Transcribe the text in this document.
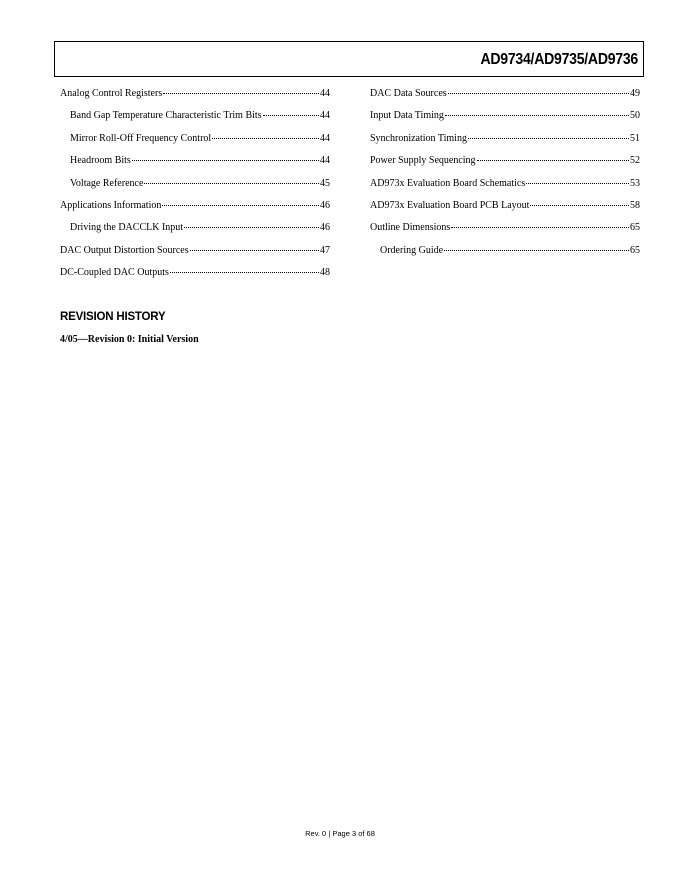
AD9734/AD9735/AD9736
Analog Control Registers	44
Band Gap Temperature Characteristic Trim Bits	44
Mirror Roll-Off Frequency Control	44
Headroom Bits	44
Voltage Reference	45
Applications Information	46
Driving the DACCLK Input	46
DAC Output Distortion Sources	47
DC-Coupled DAC Outputs	48
DAC Data Sources	49
Input Data Timing	50
Synchronization Timing	51
Power Supply Sequencing	52
AD973x Evaluation Board Schematics	53
AD973x Evaluation Board PCB Layout	58
Outline Dimensions	65
Ordering Guide	65
REVISION HISTORY
4/05—Revision 0: Initial Version
Rev. 0 | Page 3 of 68
